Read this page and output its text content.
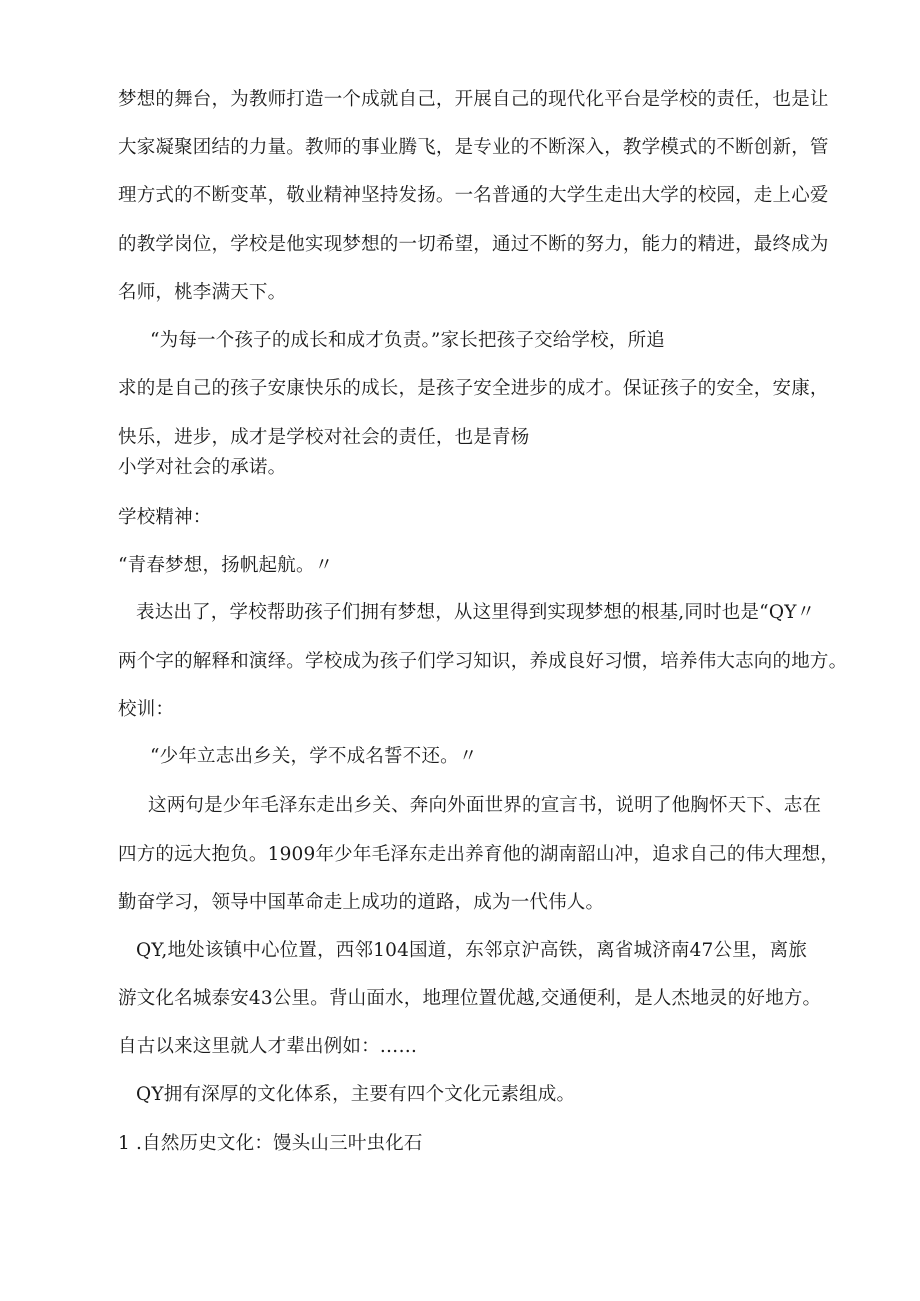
梦想的舞台，为教师打造一个成就自己，开展自己的现代化平台是学校的责任，也是让
大家凝聚团结的力量。教师的事业腾飞，是专业的不断深入，教学模式的不断创新，管
理方式的不断变革，敬业精神坚持发扬。一名普通的大学生走出大学的校园，走上心爱
的教学岗位，学校是他实现梦想的一切希望，通过不断的努力，能力的精进，最终成为
名师，桃李满天下。
“为每一个孩子的成长和成才负责。”家长把孩子交给学校，所追
求的是自己的孩子安康快乐的成长，是孩子安全进步的成才。保证孩子的安全，安康，
快乐，进步，成才是学校对社会的责任，也是青杨
小学对社会的承诺。
学校精神：
“青春梦想，扬帆起航。〃
表达出了，学校帮助孩子们拥有梦想，从这里得到实现梦想的根基,同时也是“QY〃
两个字的解释和演绎。学校成为孩子们学习知识，养成良好习惯，培养伟大志向的地方。
校训：
“少年立志出乡关，学不成名誓不还。〃
这两句是少年毛泽东走出乡关、奔向外面世界的宣言书，说明了他胸怀天下、志在
四方的远大抱负。1909年少年毛泽东走出养育他的湖南韶山冲，追求自己的伟大理想，
勤奋学习，领导中国革命走上成功的道路，成为一代伟人。
QY,地处该镇中心位置，西邻104国道，东邻京沪高铁，离省城济南47公里，离旅
游文化名城泰安43公里。背山面水，地理位置优越,交通便利，是人杰地灵的好地方。
自古以来这里就人才辈出例如：……
QY拥有深厚的文化体系，主要有四个文化元素组成。
1 .自然历史文化：馒头山三叶虫化石
